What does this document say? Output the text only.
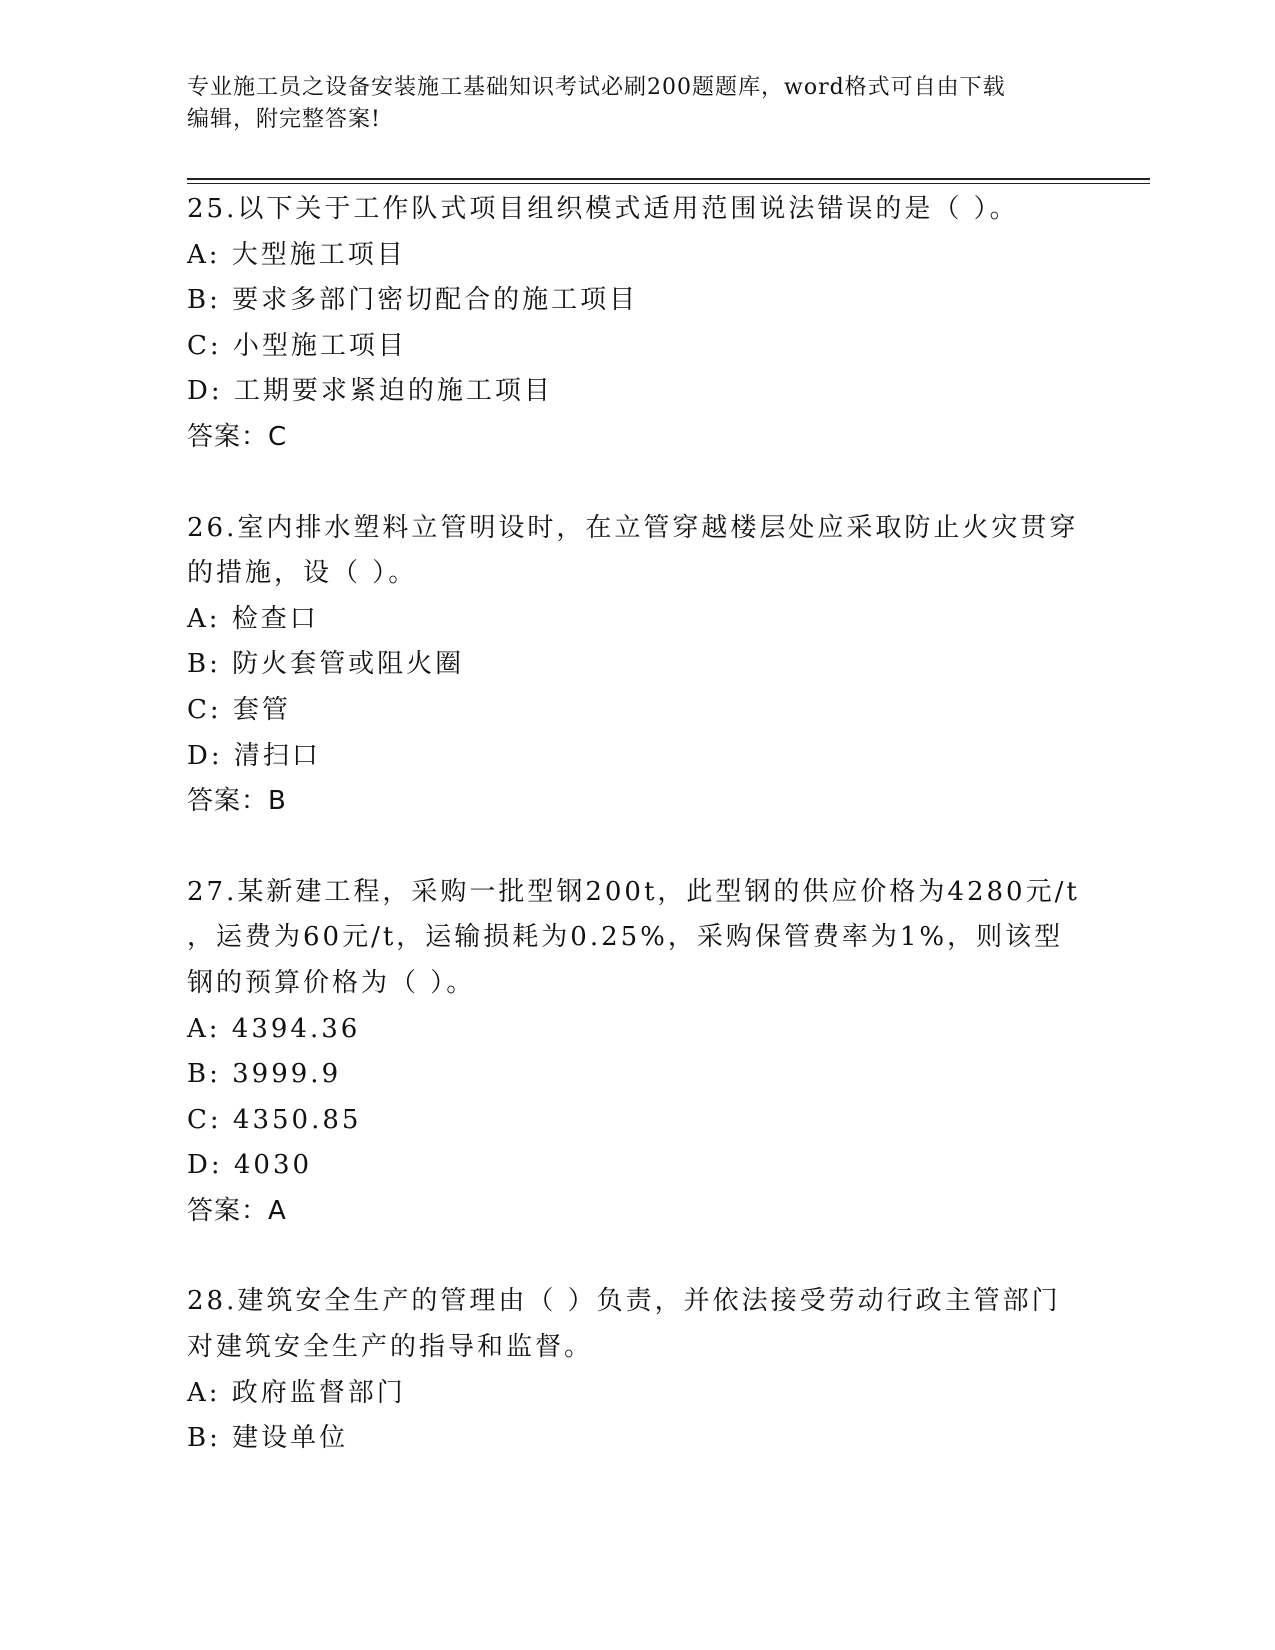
专业施工员之设备安装施工基础知识考试必刷200题题库，word格式可自由下载
编辑，附完整答案!

25.以下关于工作队式项目组织模式适用范围说法错误的是（ ）。

A: 大型施工项目

B: 要求多部门密切配合的施工项目

C: 小型施工项目

D: 工期要求紧迫的施工项目

答案：C

26.室内排水塑料立管明设时，在立管穿越楼层处应采取防止火灾贯穿

的措施，设（ ）。

A: 检查口

B: 防火套管或阻火圈

C: 套管

D: 清扫口

答案：B

27.某新建工程，采购一批型钢200t，此型钢的供应价格为4280元/t

，运费为60元/t，运输损耗为0.25%，采购保管费率为1%，则该型

钢的预算价格为（ ）。

A: 4394.36

B: 3999.9

C: 4350.85

D: 4030

答案：A

28.建筑安全生产的管理由（ ）负责，并依法接受劳动行政主管部门

对建筑安全生产的指导和监督。

A: 政府监督部门

B: 建设单位
